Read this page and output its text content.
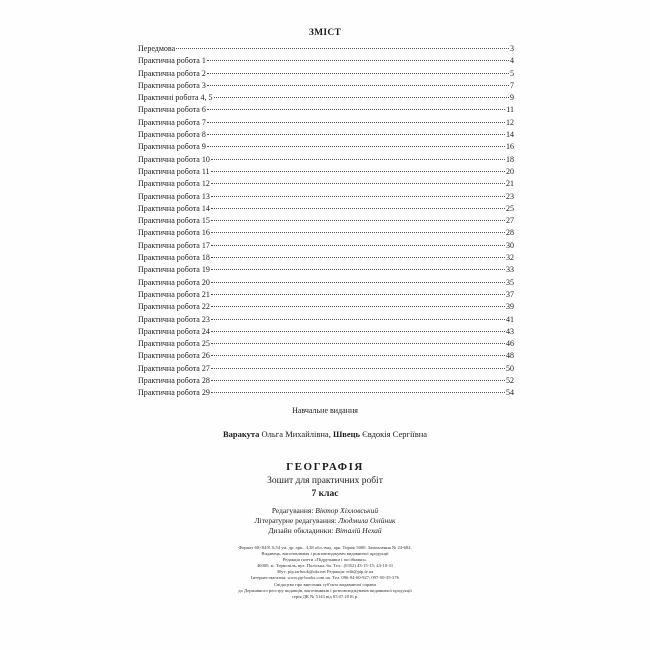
ЗМІСТ
Передмова	3
Практична робота 1	4
Практична робота 2	5
Практична робота 3	7
Практичні робота 4, 5	9
Практична робота 6	11
Практична робота 7	12
Практична робота 8	14
Практична робота 9	16
Практична робота 10	18
Практична робота 11	20
Практична робота 12	21
Практична робота 13	23
Практична робота 14	25
Практична робота 15	27
Практична робота 16	28
Практична робота 17	30
Практична робота 18	32
Практична робота 19	33
Практична робота 20	35
Практична робота 21	37
Практична робота 22	39
Практична робота 23	41
Практична робота 24	43
Практична робота 25	46
Практична робота 26	48
Практична робота 27	50
Практична робота 28	52
Практична робота 29	54
Навчальне видання
Варакута Ольга Михайлівна, Швець Євдокія Сергіївна
ГЕОГРАФІЯ
Зошит для практичних робіт
7 клас
Редагування: Віктор Хіхловський
Літературне редагування: Людмила Олійник
Дизайн обкладинки: Віталій Нехай
Формат 60×84/8. 6,54 ум. др. арк., 4,38 обл.-вид. арк. Тираж 5000. Замовлення № 24-684.
Видавець, виготовлювач і розповсюджувач видавничої продукції
Редакція газети «Підручники і посібники».
46000, м. Тернопіль, вул. Поліська, 6а. Тел.: (0352) 43-15-15; 43-10-31
Збут: pip.tarbook@ukr.net Редакція: edit@pip.te.ua
Інтернет-магазин: www.pp-books.com.ua. Тел. 096-94-60-927; 097-50-35-376
Свідоцтво про внесення суб'єкта видавничої справи
до Державного реєстру видавців, виготівників і розповсюджувачів видавничої продукції
серія ДК № 5143 від 05.07.2016 р.
